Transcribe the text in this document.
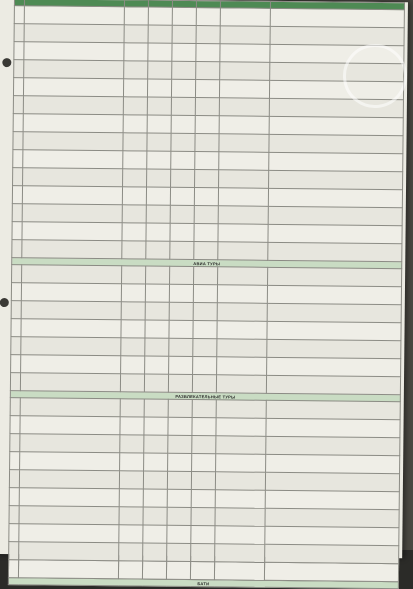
АВИА ТУРЫ							

РАЗВЛЕКАТЕЛЬНЫЕ ТУРЫ							

БАТИ							
